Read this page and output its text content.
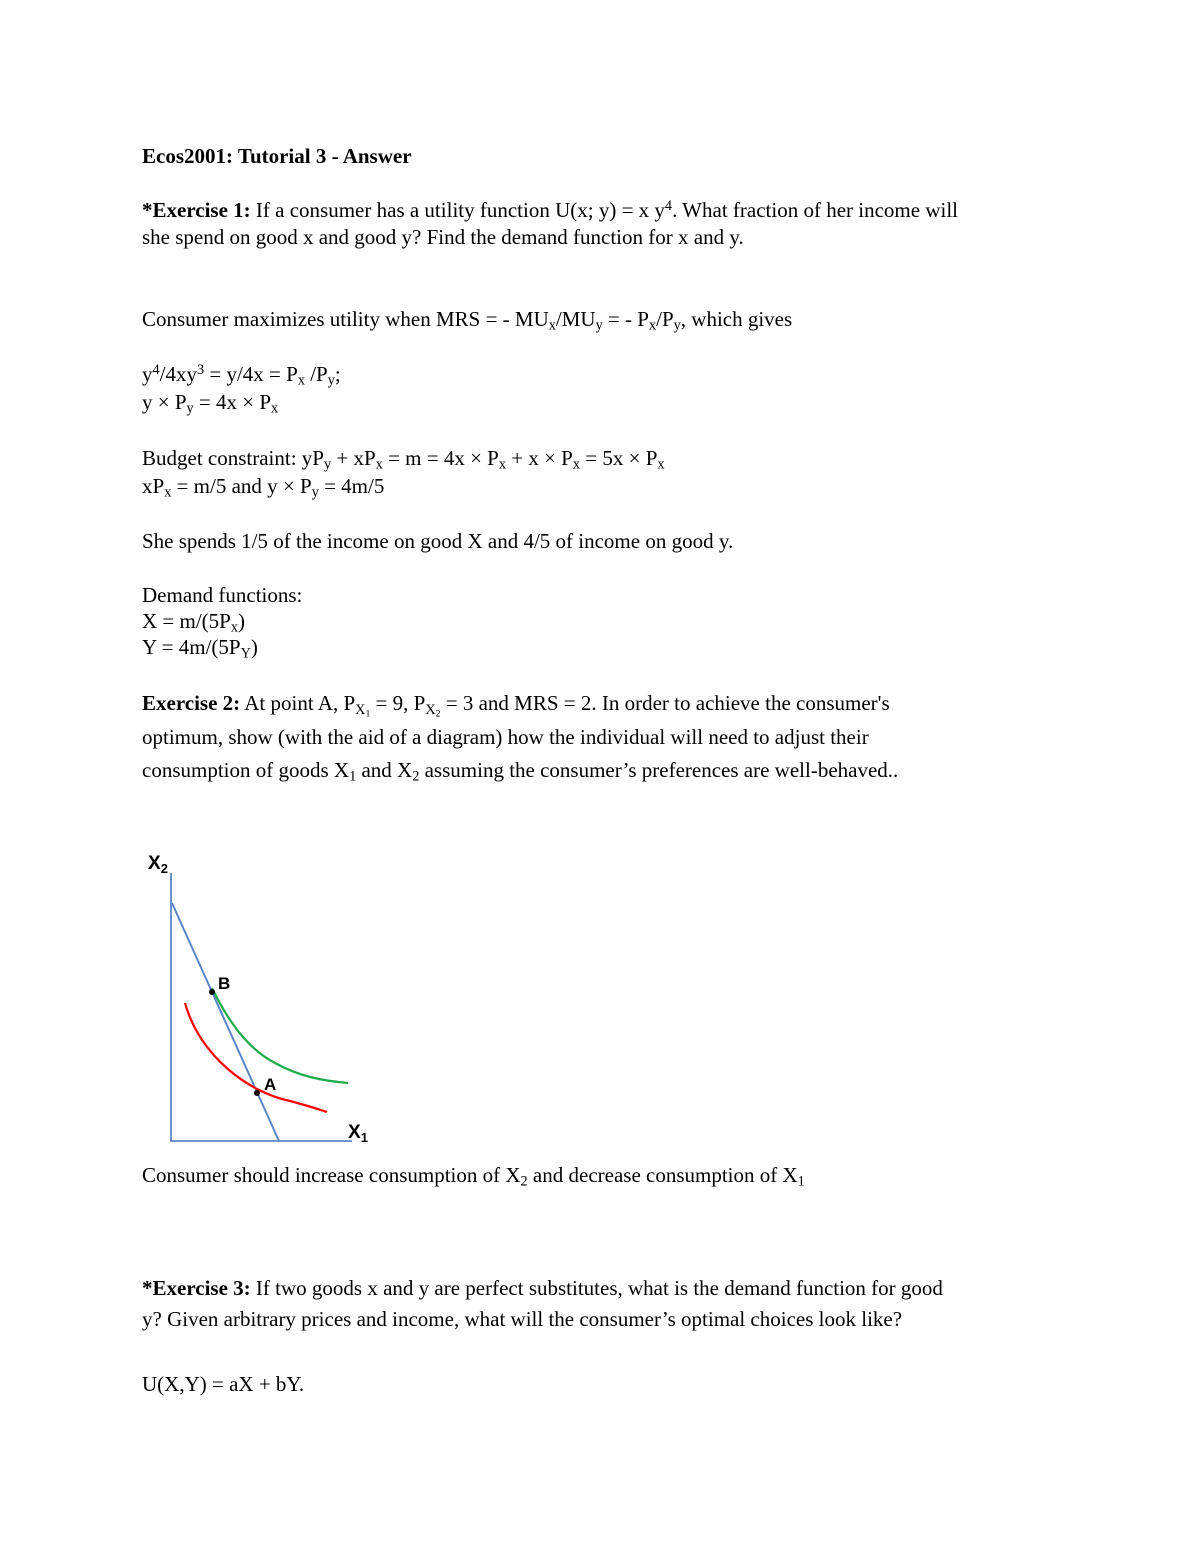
Ecos2001: Tutorial 3 - Answer
*Exercise 1: If a consumer has a utility function U(x; y) = x $y^4$. What fraction of her income will
she spend on good x and good y? Find the demand function for x and y.
Consumer maximizes utility when MRS = - $MU_x/MU_y$ = - $P_x/P_y$, which gives
$y^4/4xy^3 = y/4x = P_x$ $/P_y$;
$y \times P_y = 4x \times P_x$
Budget constraint: $yP_y + xP_x = m = 4x \times P_x + x \times P_x = 5x \times P_x$
$xP_x = m/5$ and $y \times P_y = 4m/5$
She spends 1/5 of the income on good X and 4/5 of income on good y.
Demand functions:
$X = m/(5P_x)$
$Y = 4m/(5P_Y)$
Exercise 2: At point A, $P_{X_1} = 9$, $P_{X_2} = 3$ and MRS = 2. In order to achieve the consumer's
optimum, show (with the aid of a diagram) how the individual will need to adjust their
consumption of goods $X_1$ and $X_2$ assuming the consumer’s preferences are well-behaved..
$X_2$
$X_1$
B
A
Consumer should increase consumption of $X_2$ and decrease consumption of $X_1$
*Exercise 3: If two goods x and y are perfect substitutes, what is the demand function for good
y? Given arbitrary prices and income, what will the consumer’s optimal choices look like?
U(X,Y) = aX + bY.
